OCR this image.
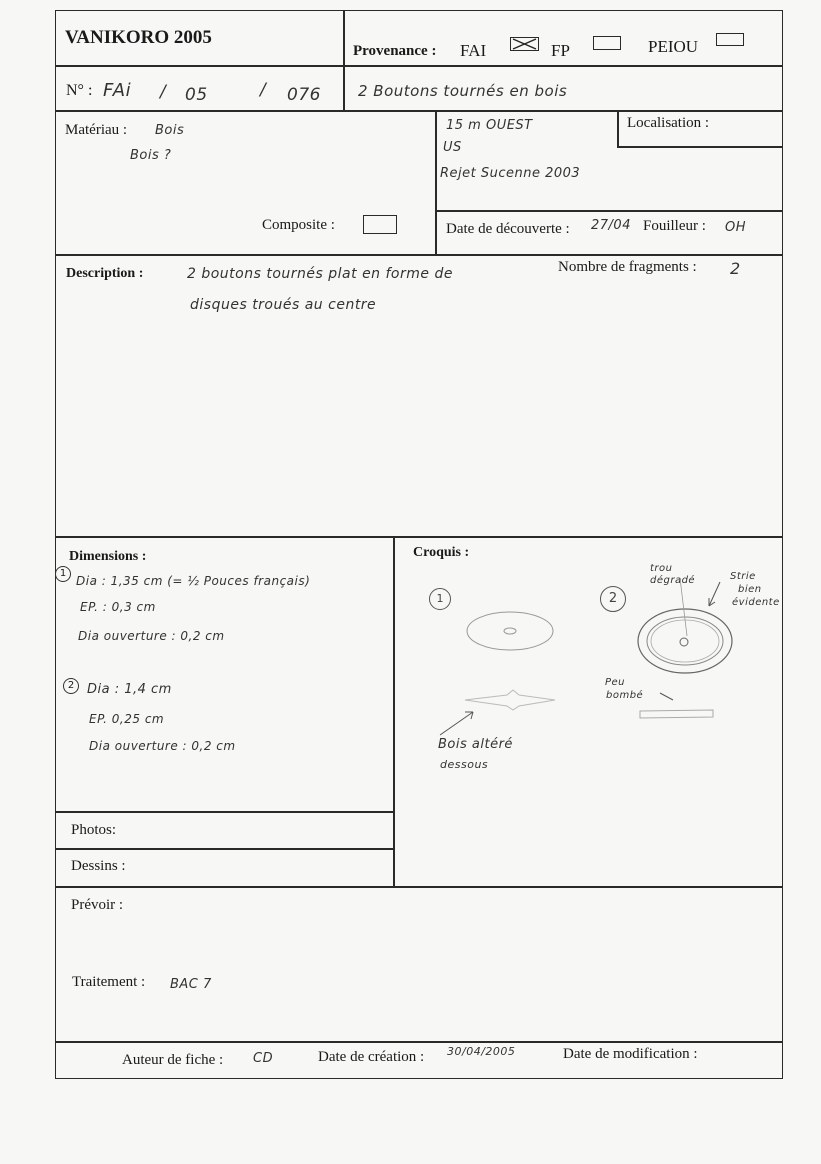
VANIKORO 2005
Provenance : FAI	FP	PEIOU
N° : FAi / 05	/ 076 2 Boutons tournés en bois
Matériau : Bois
Bois ?
Composite :
15 m OUEST
US
Rejet Sucenne 2003
Localisation :
Date de découverte : 27/04 Fouilleur : OH
Description :	2 boutons tournés plat en forme de
disques troués au centre
Nombre de fragments : 2
Dimensions :
1
Dia : 1,35 cm (= ½ Pouces français)
EP. : 0,3 cm
Dia ouverture : 0,2 cm
2 Dia : 1,4 cm
EP. 0,25 cm
Dia ouverture : 0,2 cm
Croquis :
1	2
trou dégradé	Strie
bien
évidente
Peu
bombé
Bois altéré
dessous
Photos:
Dessins :
Prévoir :
Traitement : BAC 7
Auteur de fiche : CD	Date de création : 30/04/2005	Date de modification :
